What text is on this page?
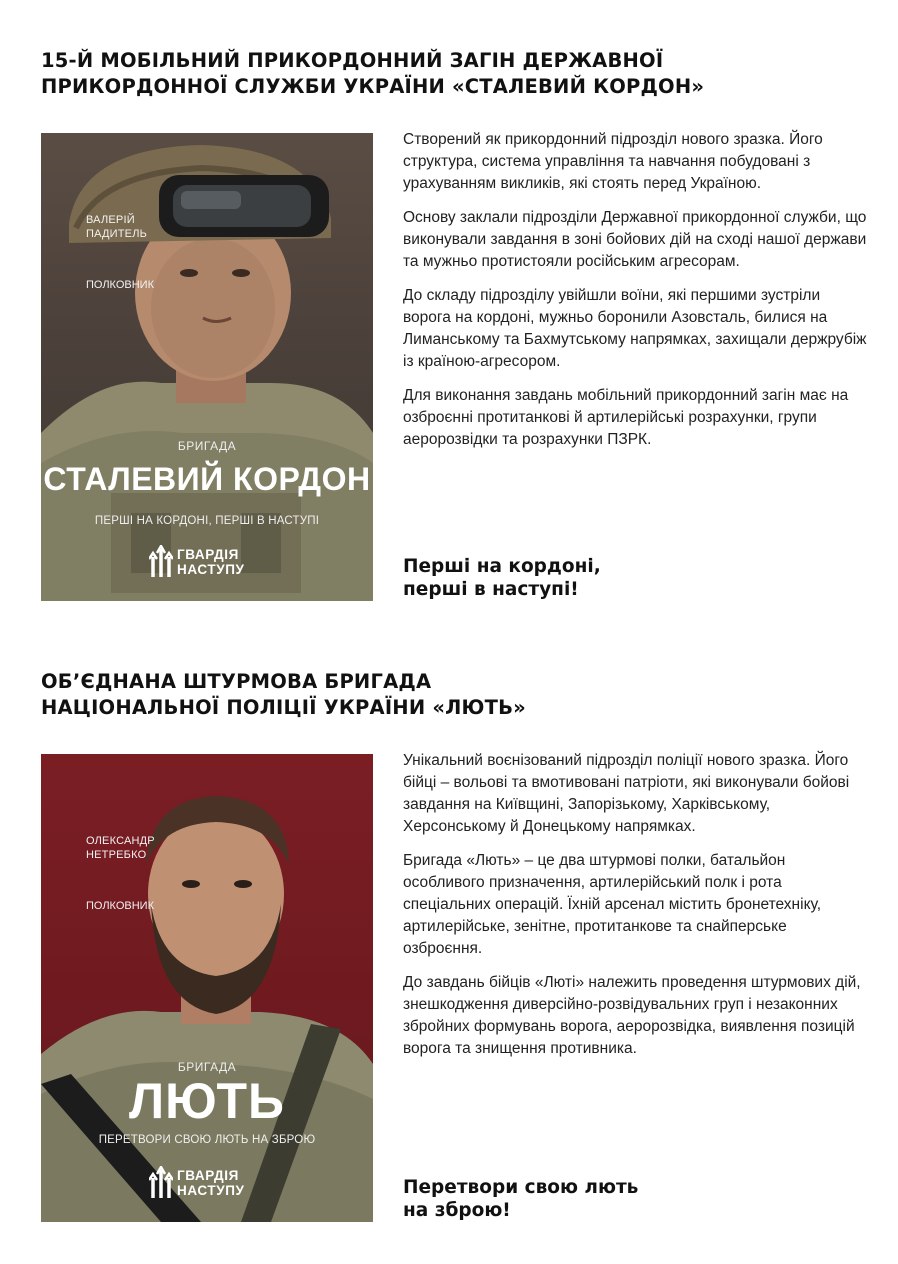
15-Й МОБІЛЬНИЙ ПРИКОРДОННИЙ ЗАГІН ДЕРЖАВНОЇ
ПРИКОРДОННОЇ СЛУЖБИ УКРАЇНИ «СТАЛЕВИЙ КОРДОН»
ВАЛЕРІЙ
ПАДИТЕЛЬ
ПОЛКОВНИК
БРИГАДА
СТАЛЕВИЙ КОРДОН
ПЕРШІ НА КОРДОНІ, ПЕРШІ В НАСТУПІ
ГВАРДІЯ
НАСТУПУ

Створений як прикордонний підрозділ нового зразка. Його структура, система управління та навчання побудовані з урахуванням викликів, які стоять перед Україною.

Основу заклали підрозділи Державної прикордонної служби, що виконували завдання в зоні бойових дій на сході нашої держави та мужньо протистояли російським агресорам.

До складу підрозділу увійшли воїни, які першими зустріли ворога на кордоні, мужньо боронили Азовсталь, билися на Лиманському та Бахмутському напрямках, захищали держрубіж із країною-агресором.

Для виконання завдань мобільний прикордонний загін має на озброєнні протитанкові й артилерійські розрахунки, групи аеророзвідки та розрахунки ПЗРК.

Перші на кордоні,
перші в наступі!
ОБ’ЄДНАНА ШТУРМОВА БРИГАДА
НАЦІОНАЛЬНОЇ ПОЛІЦІЇ УКРАЇНИ «ЛЮТЬ»
ОЛЕКСАНДР
НЕТРЕБКО
ПОЛКОВНИК
БРИГАДА
ЛЮТЬ
ПЕРЕТВОРИ СВОЮ ЛЮТЬ НА ЗБРОЮ
ГВАРДІЯ
НАСТУПУ

Унікальний воєнізований підрозділ поліції нового зразка. Його бійці – вольові та вмотивовані патріоти, які виконували бойові завдання на Київщині, Запорізькому, Харківському, Херсонському й Донецькому напрямках.

Бригада «Лють» – це два штурмові полки, батальйон особливого призначення, артилерійський полк і рота спеціальних операцій. Їхній арсенал містить бронетехніку, артилерійське, зенітне, протитанкове та снайперське озброєння.

До завдань бійців «Люті» належить проведення штурмових дій, знешкодження диверсійно-розвідувальних груп і незаконних збройних формувань ворога, аеророзвідка, виявлення позицій ворога та знищення противника.

Перетвори свою лють
на зброю!
